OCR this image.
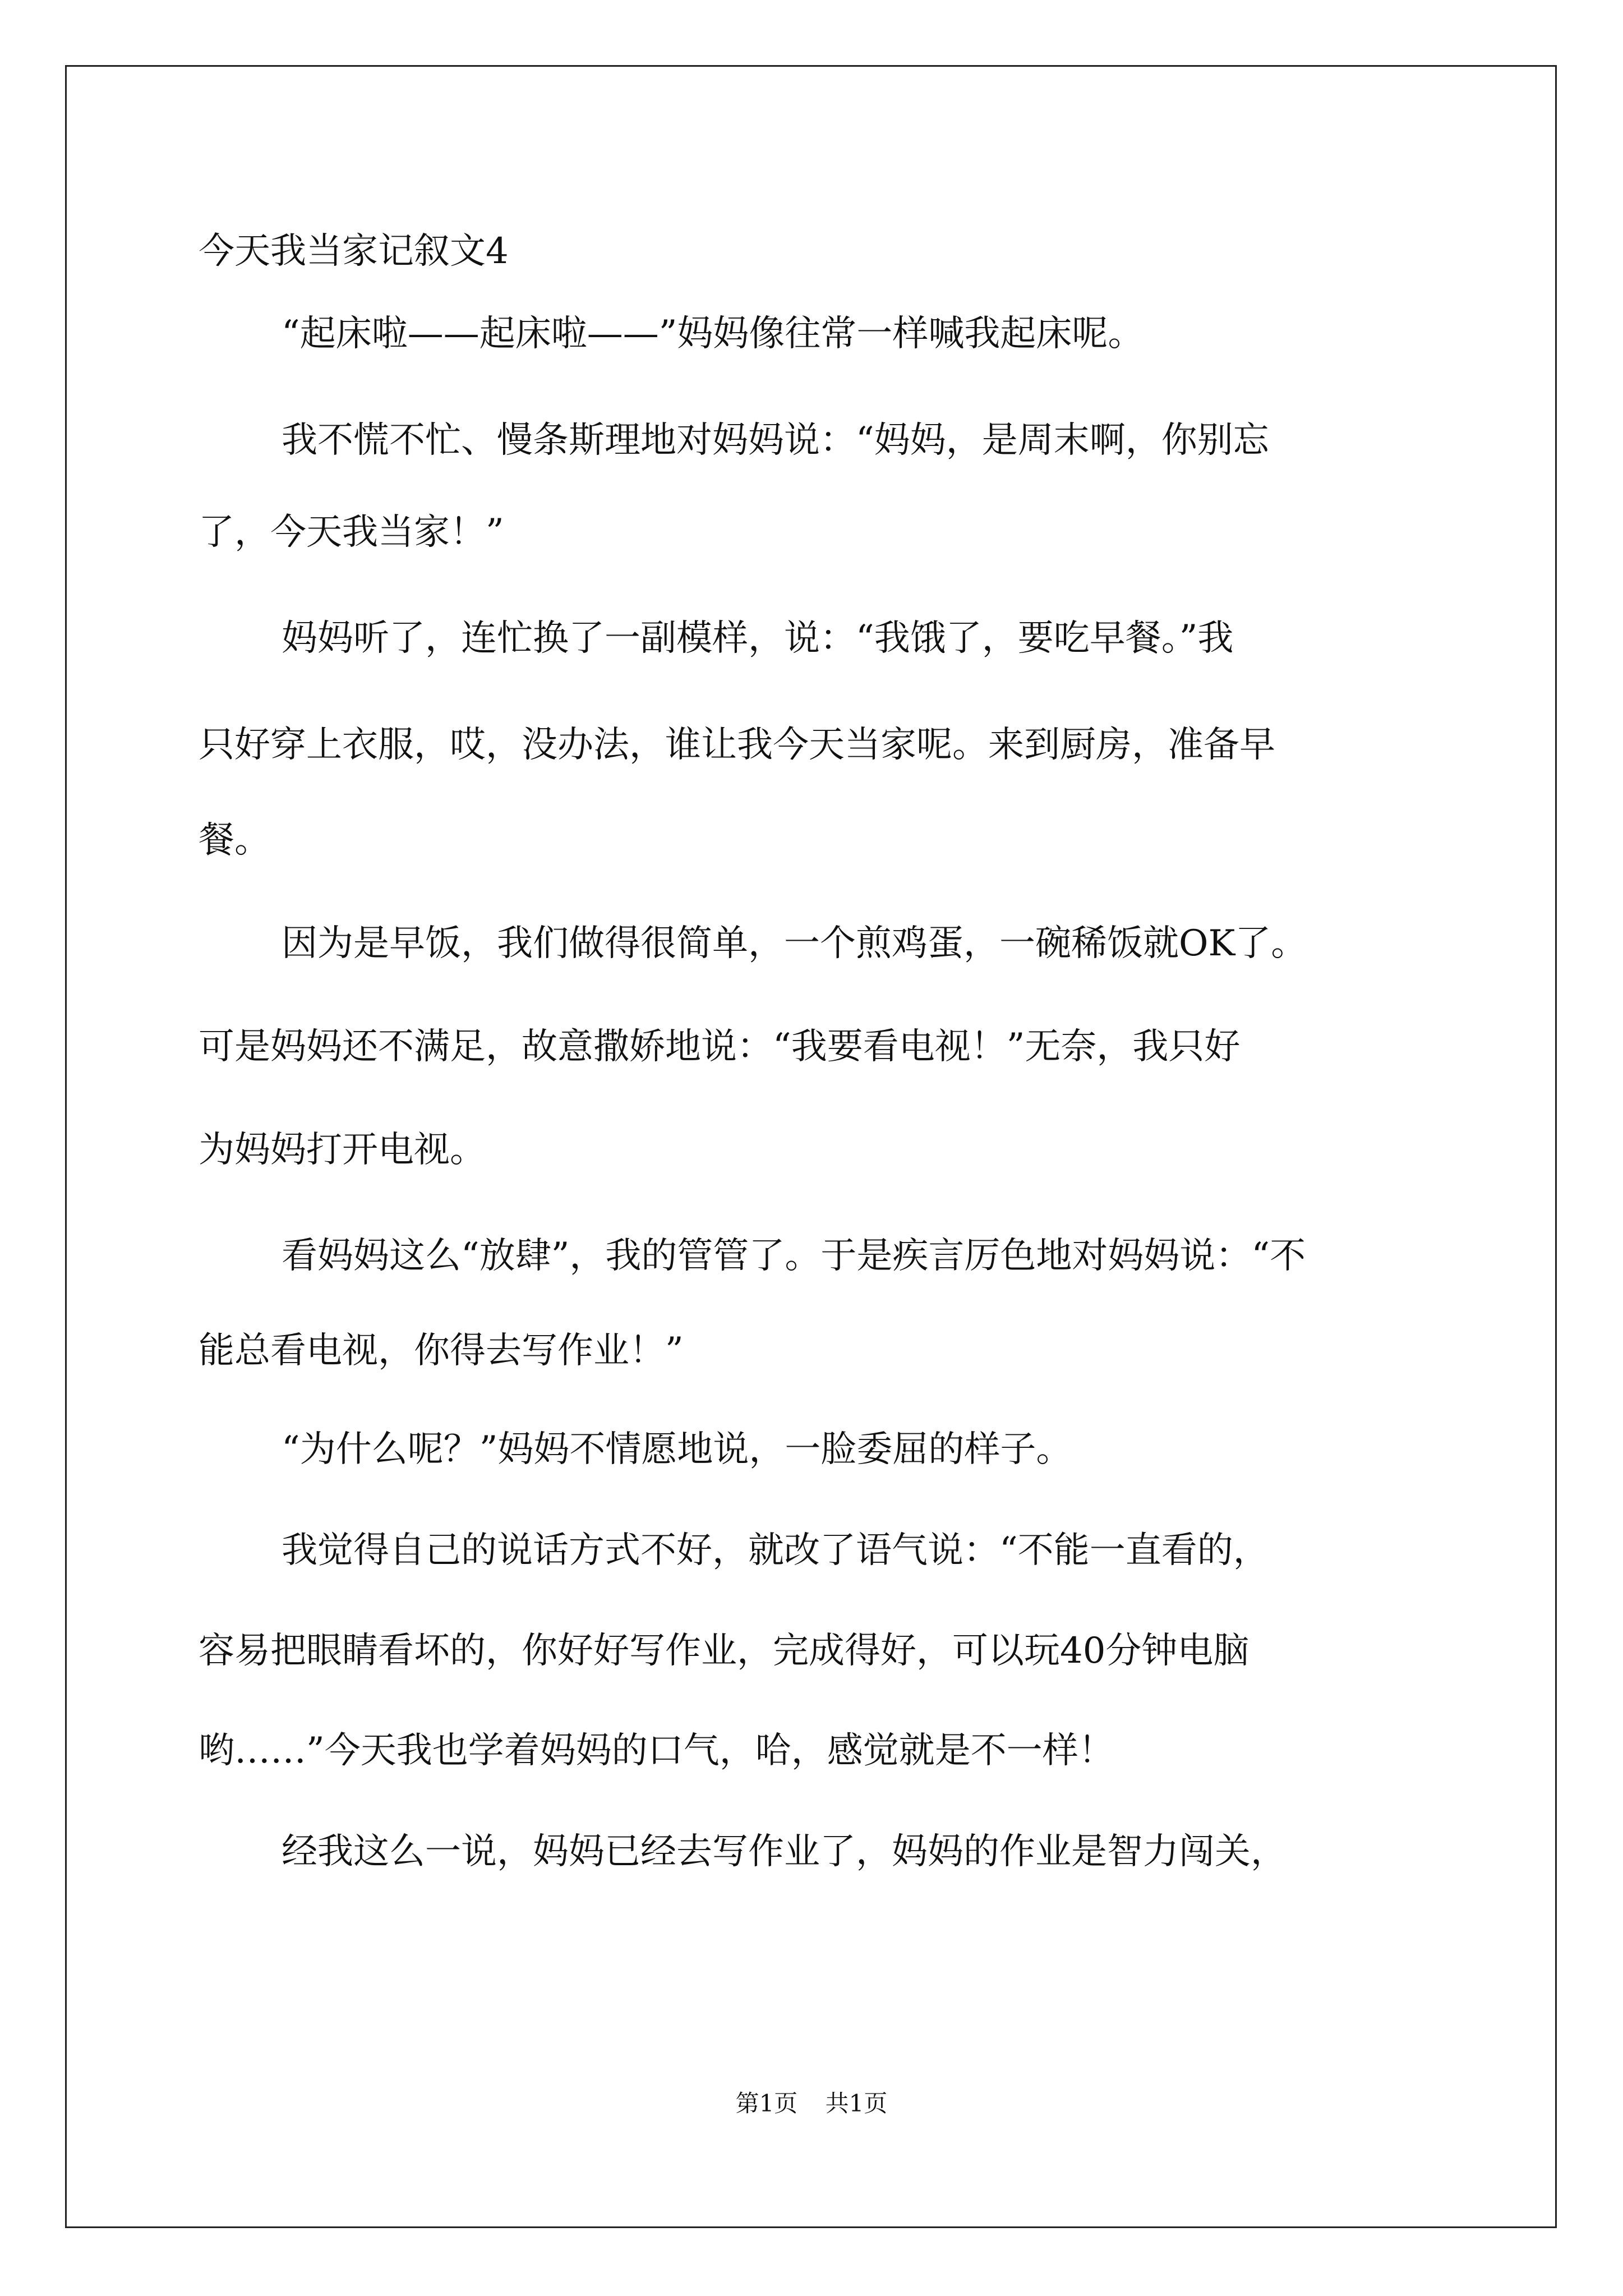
今天我当家记叙文4

“起床啦——起床啦——”妈妈像往常一样喊我起床呢。

我不慌不忙、慢条斯理地对妈妈说：“妈妈，是周末啊，你别忘

了，今天我当家！”

妈妈听了，连忙换了一副模样，说：“我饿了，要吃早餐。”我

只好穿上衣服，哎，没办法，谁让我今天当家呢。来到厨房，准备早

餐。

因为是早饭，我们做得很简单，一个煎鸡蛋，一碗稀饭就OK了。

可是妈妈还不满足，故意撒娇地说：“我要看电视！”无奈，我只好

为妈妈打开电视。

看妈妈这么“放肆”，我的管管了。于是疾言厉色地对妈妈说：“不

能总看电视，你得去写作业！”

“为什么呢？”妈妈不情愿地说，一脸委屈的样子。

我觉得自己的说话方式不好，就改了语气说：“不能一直看的，

容易把眼睛看坏的，你好好写作业，完成得好，可以玩40分钟电脑

哟……”今天我也学着妈妈的口气，哈，感觉就是不一样！

经我这么一说，妈妈已经去写作业了，妈妈的作业是智力闯关，

第1页 共1页
